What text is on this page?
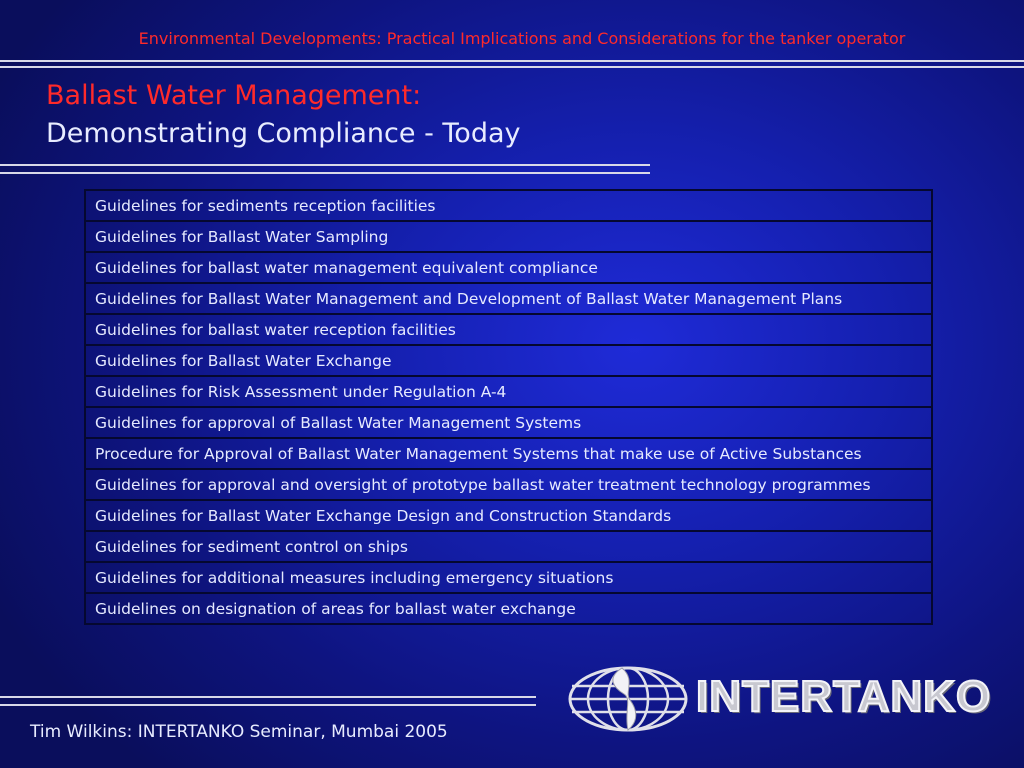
Environmental Developments: Practical Implications and Considerations for the tanker operator
Ballast Water Management:
Demonstrating Compliance - Today
Guidelines for sediments reception facilities
Guidelines for Ballast Water Sampling
Guidelines for ballast water management equivalent compliance
Guidelines for Ballast Water Management and Development of Ballast Water Management Plans
Guidelines for ballast water reception facilities
Guidelines for Ballast Water Exchange
Guidelines for Risk Assessment under Regulation A-4
Guidelines for approval of Ballast Water Management Systems
Procedure for Approval of Ballast Water Management Systems that make use of Active Substances
Guidelines for approval and oversight of prototype ballast water treatment technology programmes
Guidelines for Ballast Water Exchange Design and Construction Standards
Guidelines for sediment control on ships
Guidelines for additional measures including emergency situations
Guidelines on designation of areas for ballast water exchange
Tim Wilkins: INTERTANKO Seminar, Mumbai 2005
INTERTANKO
